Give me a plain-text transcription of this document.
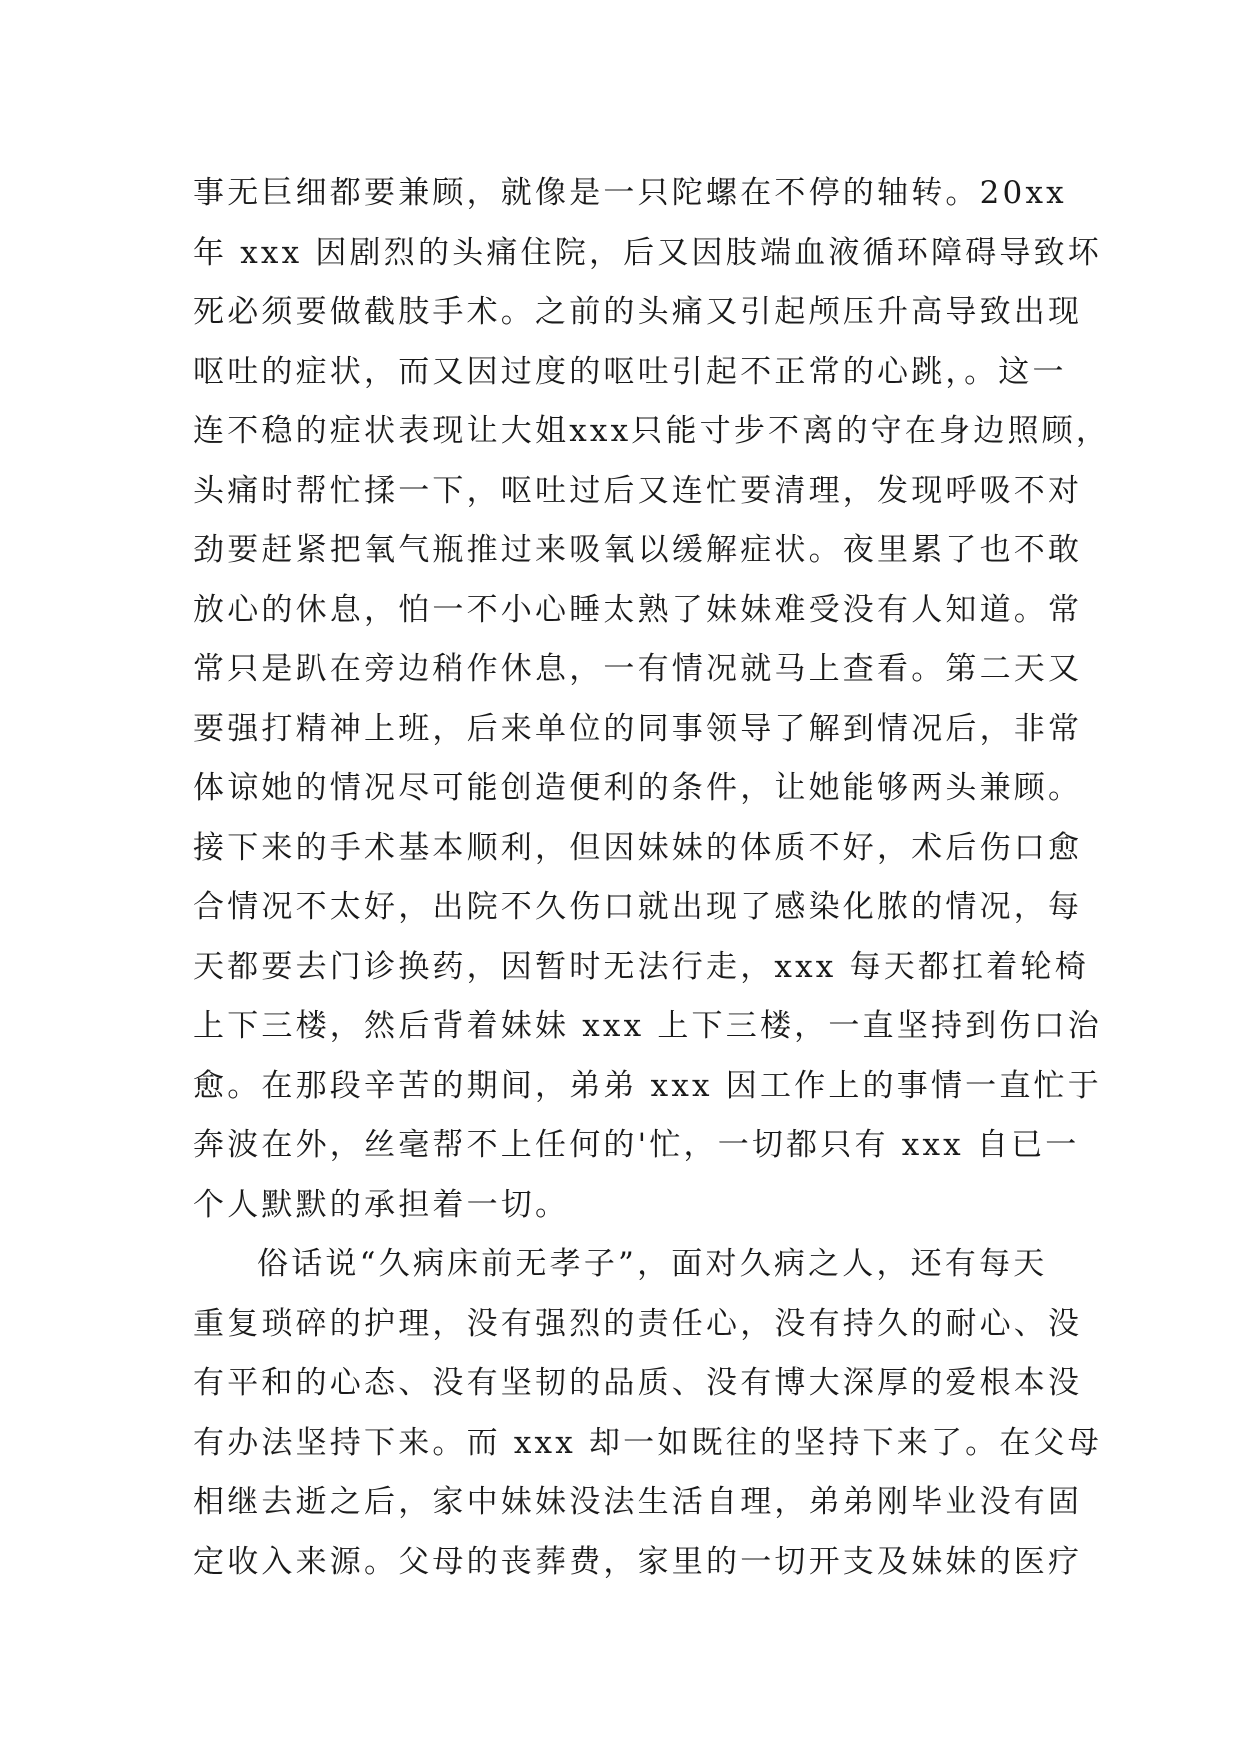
事无巨细都要兼顾，就像是一只陀螺在不停的轴转。20xx
年 xxx 因剧烈的头痛住院，后又因肢端血液循环障碍导致坏
死必须要做截肢手术。之前的头痛又引起颅压升高导致出现
呕吐的症状，而又因过度的呕吐引起不正常的心跳，。这一
连不稳的症状表现让大姐xxx只能寸步不离的守在身边照顾，
头痛时帮忙揉一下，呕吐过后又连忙要清理，发现呼吸不对
劲要赶紧把氧气瓶推过来吸氧以缓解症状。夜里累了也不敢
放心的休息，怕一不小心睡太熟了妹妹难受没有人知道。常
常只是趴在旁边稍作休息，一有情况就马上查看。第二天又
要强打精神上班，后来单位的同事领导了解到情况后，非常
体谅她的情况尽可能创造便利的条件，让她能够两头兼顾。
接下来的手术基本顺利，但因妹妹的体质不好，术后伤口愈
合情况不太好，出院不久伤口就出现了感染化脓的情况，每
天都要去门诊换药，因暂时无法行走，xxx 每天都扛着轮椅
上下三楼，然后背着妹妹 xxx 上下三楼，一直坚持到伤口治
愈。在那段辛苦的期间，弟弟 xxx 因工作上的事情一直忙于
奔波在外，丝毫帮不上任何的'忙，一切都只有 xxx 自已一
个人默默的承担着一切。
俗话说“久病床前无孝子”，面对久病之人，还有每天
重复琐碎的护理，没有强烈的责任心，没有持久的耐心、没
有平和的心态、没有坚韧的品质、没有博大深厚的爱根本没
有办法坚持下来。而 xxx 却一如既往的坚持下来了。在父母
相继去逝之后，家中妹妹没法生活自理，弟弟刚毕业没有固
定收入来源。父母的丧葬费，家里的一切开支及妹妹的医疗
